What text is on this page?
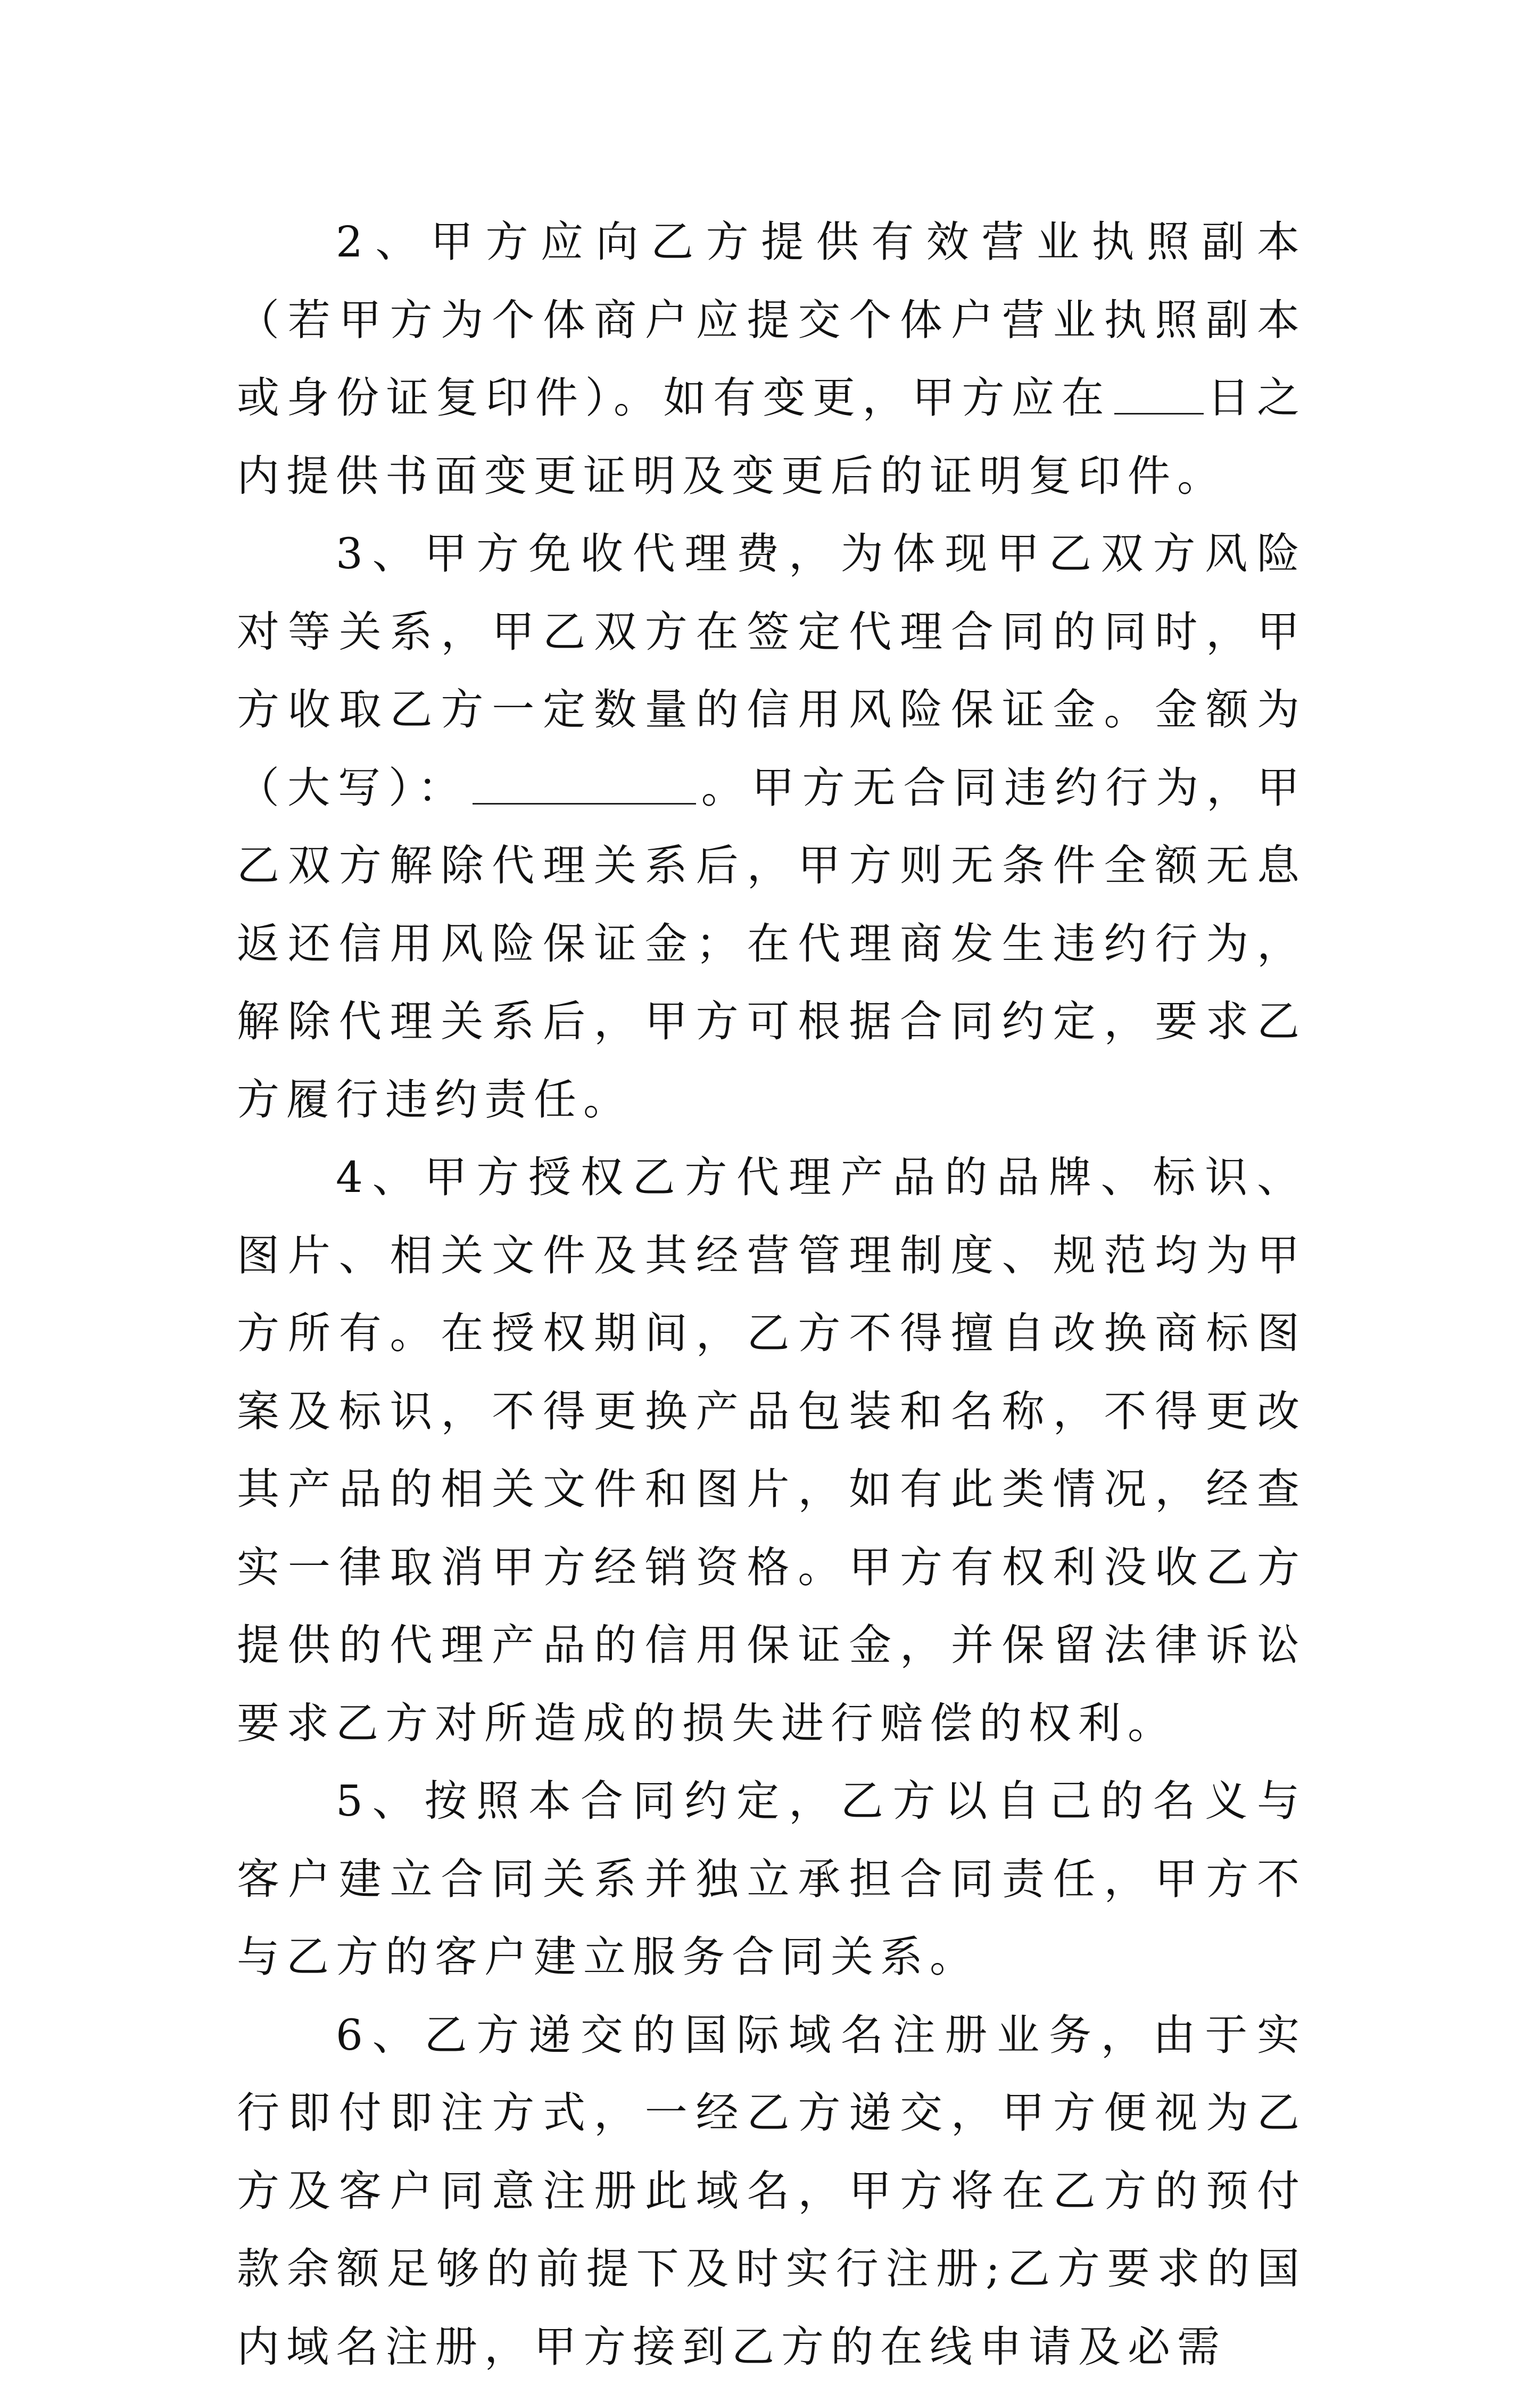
2、甲方应向乙方提供有效营业执照副本（若甲方为个体商户应提交个体户营业执照副本或身份证复印件）。如有变更，甲方应在 日之内提供书面变更证明及变更后的证明复印件。

3、甲方免收代理费，为体现甲乙双方风险对等关系，甲乙双方在签定代理合同的同时，甲方收取乙方一定数量的信用风险保证金。金额为（大写）：	。甲方无合同违约行为，甲乙双方解除代理关系后，甲方则无条件全额无息返还信用风险保证金；在代理商发生违约行为，解除代理关系后，甲方可根据合同约定，要求乙方履行违约责任。

4、甲方授权乙方代理产品的品牌、标识、图片、相关文件及其经营管理制度、规范均为甲方所有。在授权期间，乙方不得擅自改换商标图案及标识，不得更换产品包装和名称，不得更改其产品的相关文件和图片，如有此类情况，经查实一律取消甲方经销资格。甲方有权利没收乙方提供的代理产品的信用保证金，并保留法律诉讼要求乙方对所造成的损失进行赔偿的权利。

5、按照本合同约定，乙方以自己的名义与客户建立合同关系并独立承担合同责任，甲方不与乙方的客户建立服务合同关系。

6、乙方递交的国际域名注册业务，由于实行即付即注方式，一经乙方递交，甲方便视为乙方及客户同意注册此域名，甲方将在乙方的预付款余额足够的前提下及时实行注册;乙方要求的国内域名注册，甲方接到乙方的在线申请及必需
